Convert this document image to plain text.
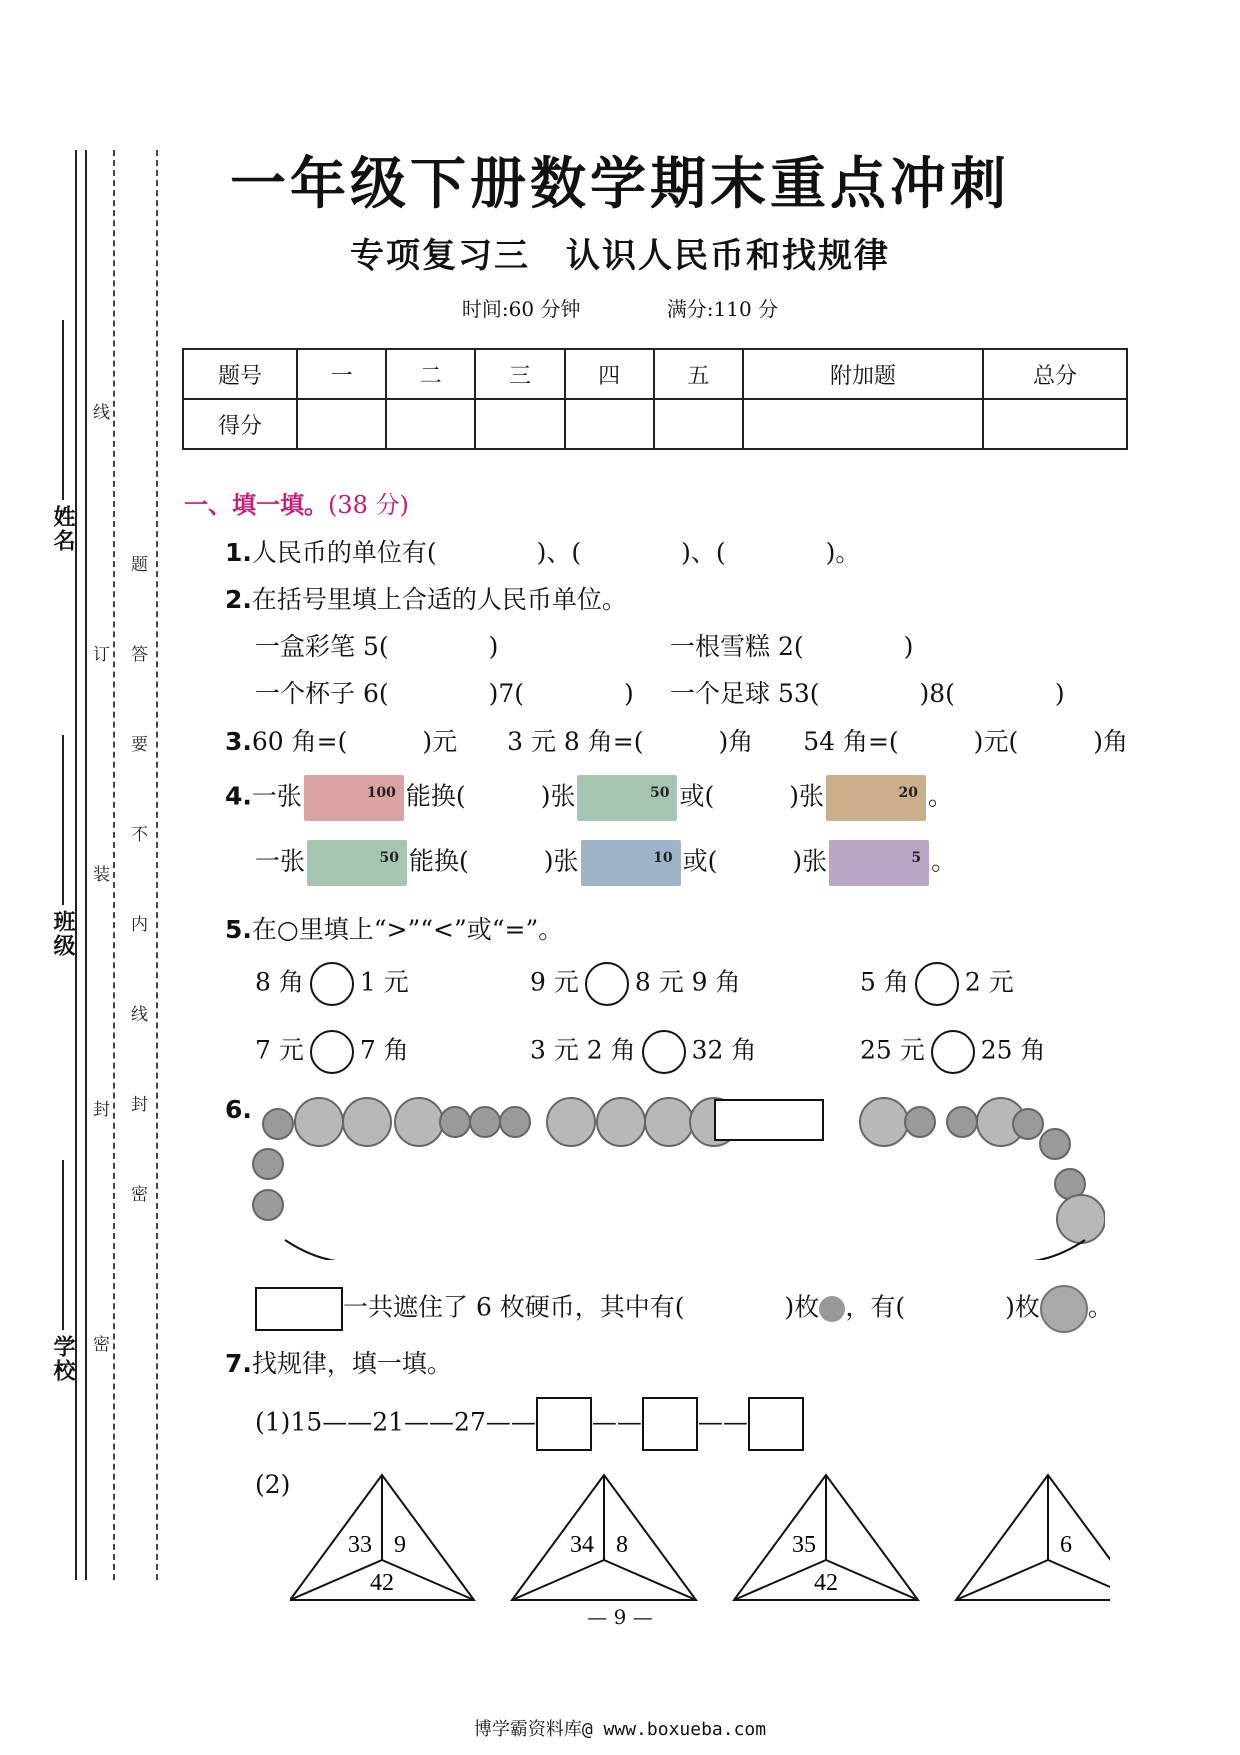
姓名
班级
学校
线
题
答
要
不
内
线
封
密
订
装
封
密
一年级下册数学期末重点冲刺
专项复习三　认识人民币和找规律
时间:60 分钟	满分:110 分
题号	一	二	三	四	五	附加题	总分
得分							
一、填一填。(38 分)
1.人民币的单位有(　　　　)、(　　　　)、(　　　　)。
2.在括号里填上合适的人民币单位。
一盒彩笔 5(　　　　)	一根雪糕 2(　　　　)
一个杯子 6(　　　　)7(　　　　) 一个足球 53(　　　　)8(　　　　)
3.60 角=(　　　)元　　3 元 8 角=(　　　)角　　54 角=(　　　)元(　　　)角
4.一张	100 能换(　　　	)张	50 或(　　　	)张	20 。
一张	50 能换(　　　	)张	10 或(　　　	)张	5 。
5.在○里填上“>”“<”或“=”。
8 角 1 元	9 元 8 元 9 角	5 角 2 元
7 元 7 角	3 元 2 角 32 角	25 元 25 角
6.
一共遮住了 6 枚硬币，其中有(　　　　)枚 ，有(　　　　)枚 。
7.找规律，填一填。
(1)15——21——27—— —— ——
(2)
33 9
42
34 8	35
42
6
— 9 —
博学霸资料库@ www.boxueba.com
